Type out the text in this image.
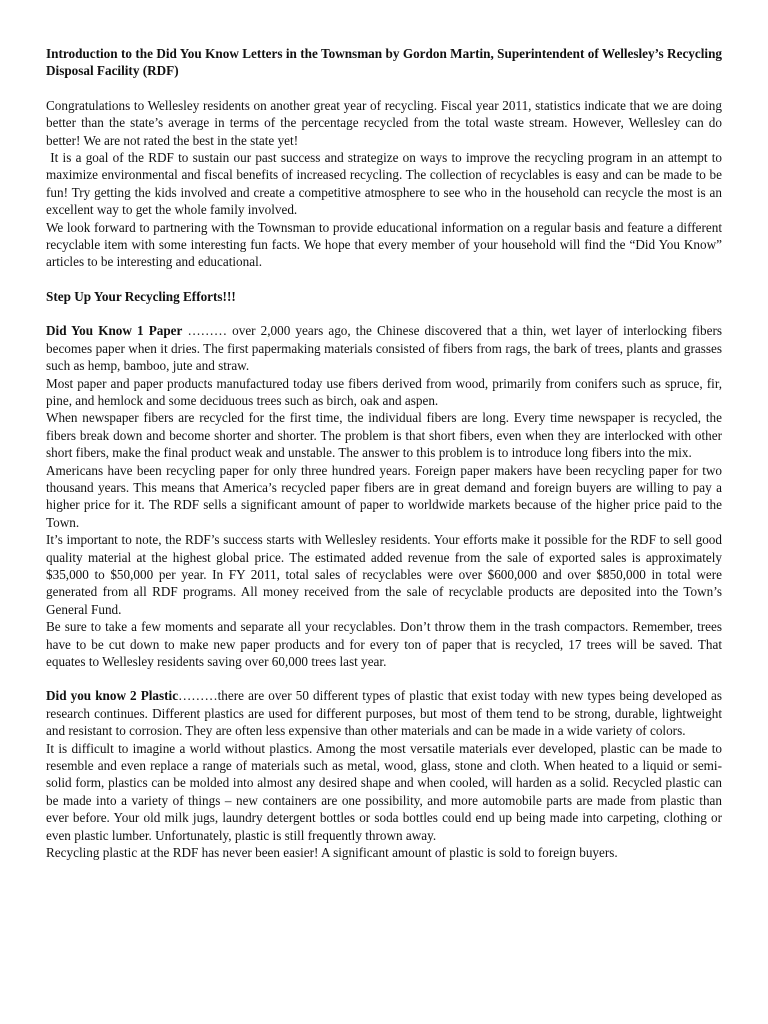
Introduction to the Did You Know Letters in the Townsman by Gordon Martin, Superintendent of Wellesley’s Recycling Disposal Facility (RDF)

Congratulations to Wellesley residents on another great year of recycling. Fiscal year 2011, statistics indicate that we are doing better than the state’s average in terms of the percentage recycled from the total waste stream. However, Wellesley can do better! We are not rated the best in the state yet!

It is a goal of the RDF to sustain our past success and strategize on ways to improve the recycling program in an attempt to maximize environmental and fiscal benefits of increased recycling. The collection of recyclables is easy and can be made to be fun! Try getting the kids involved and create a competitive atmosphere to see who in the household can recycle the most is an excellent way to get the whole family involved.

We look forward to partnering with the Townsman to provide educational information on a regular basis and feature a different recyclable item with some interesting fun facts. We hope that every member of your household will find the “Did You Know” articles to be interesting and educational.

Step Up Your Recycling Efforts!!!

Did You Know 1 Paper ……… over 2,000 years ago, the Chinese discovered that a thin, wet layer of interlocking fibers becomes paper when it dries. The first papermaking materials consisted of fibers from rags, the bark of trees, plants and grasses such as hemp, bamboo, jute and straw.

Most paper and paper products manufactured today use fibers derived from wood, primarily from conifers such as spruce, fir, pine, and hemlock and some deciduous trees such as birch, oak and aspen.

When newspaper fibers are recycled for the first time, the individual fibers are long. Every time newspaper is recycled, the fibers break down and become shorter and shorter. The problem is that short fibers, even when they are interlocked with other short fibers, make the final product weak and unstable. The answer to this problem is to introduce long fibers into the mix.

Americans have been recycling paper for only three hundred years. Foreign paper makers have been recycling paper for two thousand years. This means that America’s recycled paper fibers are in great demand and foreign buyers are willing to pay a higher price for it. The RDF sells a significant amount of paper to worldwide markets because of the higher price paid to the Town.

It’s important to note, the RDF’s success starts with Wellesley residents. Your efforts make it possible for the RDF to sell good quality material at the highest global price. The estimated added revenue from the sale of exported sales is approximately $35,000 to $50,000 per year. In FY 2011, total sales of recyclables were over $600,000 and over $850,000 in total were generated from all RDF programs. All money received from the sale of recyclable products are deposited into the Town’s General Fund.

Be sure to take a few moments and separate all your recyclables. Don’t throw them in the trash compactors. Remember, trees have to be cut down to make new paper products and for every ton of paper that is recycled, 17 trees will be saved. That equates to Wellesley residents saving over 60,000 trees last year.

Did you know 2 Plastic………there are over 50 different types of plastic that exist today with new types being developed as research continues. Different plastics are used for different purposes, but most of them tend to be strong, durable, lightweight and resistant to corrosion. They are often less expensive than other materials and can be made in a wide variety of colors.

It is difficult to imagine a world without plastics. Among the most versatile materials ever developed, plastic can be made to resemble and even replace a range of materials such as metal, wood, glass, stone and cloth. When heated to a liquid or semi-solid form, plastics can be molded into almost any desired shape and when cooled, will harden as a solid. Recycled plastic can be made into a variety of things – new containers are one possibility, and more automobile parts are made from plastic than ever before. Your old milk jugs, laundry detergent bottles or soda bottles could end up being made into carpeting, clothing or even plastic lumber. Unfortunately, plastic is still frequently thrown away.

Recycling plastic at the RDF has never been easier! A significant amount of plastic is sold to foreign buyers.
